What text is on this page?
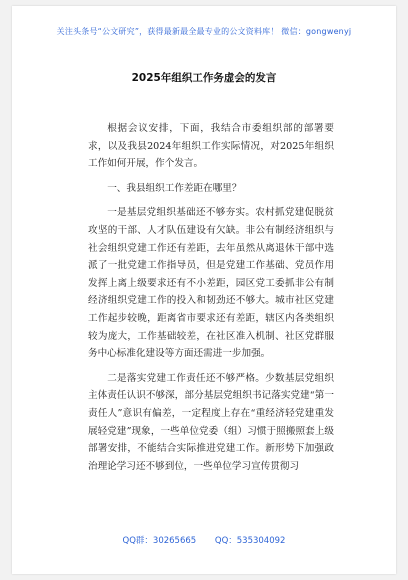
关注头条号“公文研究”，获得最新最全最专业的公文资料库！ 微信：gongwenyj
2025年组织工作务虚会的发言

根据会议安排，下面，我结合市委组织部的部署要求，以及我县2024年组织工作实际情况，对2025年组织工作如何开展，作个发言。

一、我县组织工作差距在哪里？

一是基层党组织基础还不够夯实。农村抓党建促脱贫攻坚的干部、人才队伍建设有欠缺。非公有制经济组织与社会组织党建工作还有差距，去年虽然从离退休干部中选派了一批党建工作指导员，但是党建工作基础、党员作用发挥上离上级要求还有不小差距，园区党工委抓非公有制经济组织党建工作的投入和韧劲还不够大。城市社区党建工作起步较晚，距离省市要求还有差距，辖区内各类组织较为庞大，工作基础较差，在社区准入机制、社区党群服务中心标准化建设等方面还需进一步加强。

二是落实党建工作责任还不够严格。少数基层党组织主体责任认识不够深，部分基层党组织书记落实党建“第一责任人”意识有偏差，一定程度上存在“重经济轻党建重发展轻党建”现象，一些单位党委（组）习惯于照搬照套上级部署安排，不能结合实际推进党建工作。新形势下加强政治理论学习还不够到位，一些单位学习宣传贯彻习

QQ群：30265665 QQ：535304092
